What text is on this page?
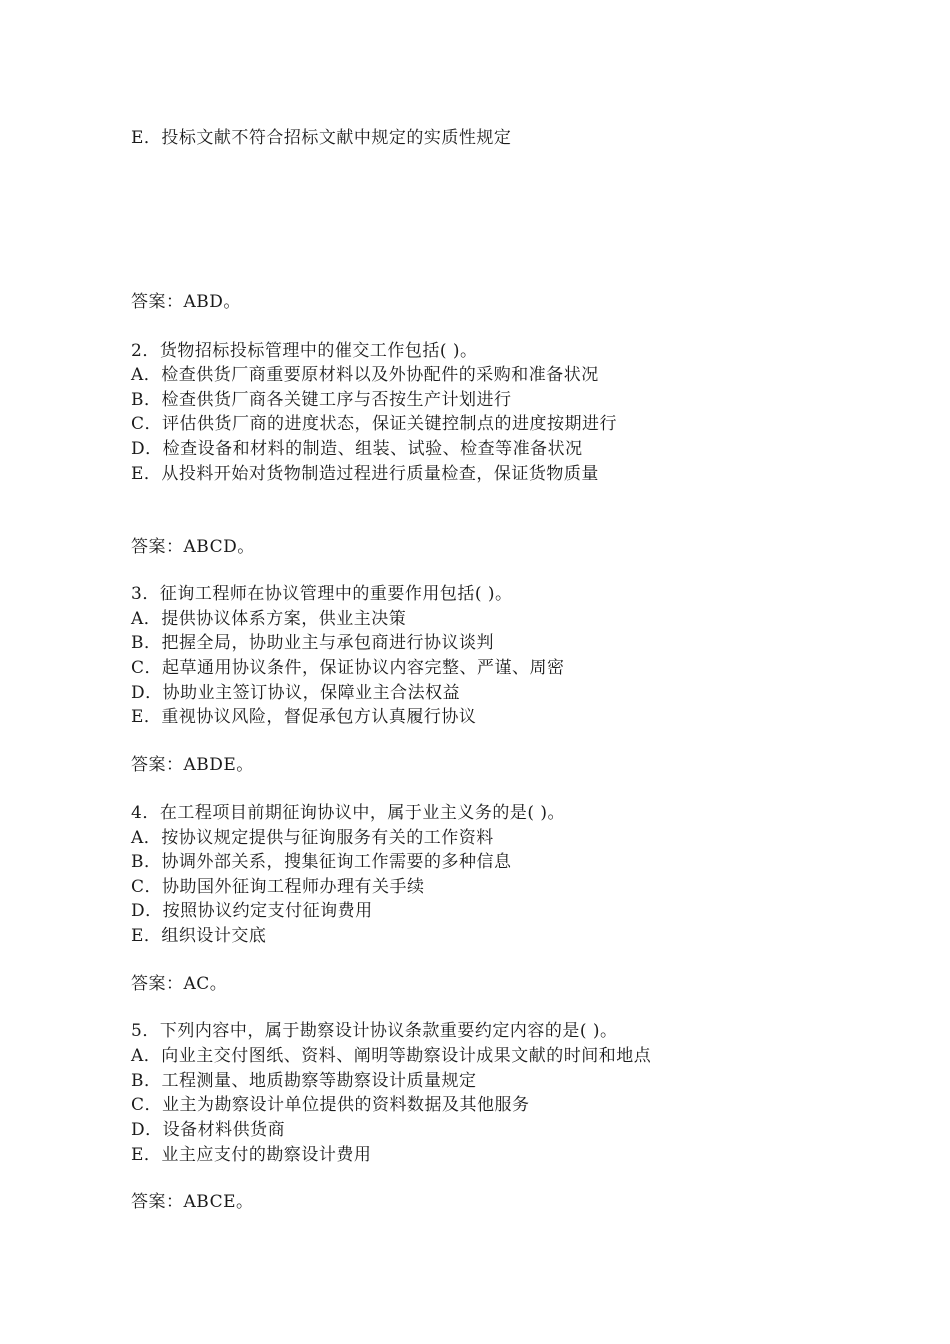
E．投标文献不符合招标文献中规定的实质性规定
答案：ABD。
2．货物招标投标管理中的催交工作包括( )。
A．检查供货厂商重要原材料以及外协配件的采购和准备状况
B．检查供货厂商各关键工序与否按生产计划进行
C．评估供货厂商的进度状态，保证关键控制点的进度按期进行
D．检查设备和材料的制造、组装、试验、检查等准备状况
E．从投料开始对货物制造过程进行质量检查，保证货物质量
答案：ABCD。
3．征询工程师在协议管理中的重要作用包括( )。
A．提供协议体系方案，供业主决策
B．把握全局，协助业主与承包商进行协议谈判
C．起草通用协议条件，保证协议内容完整、严谨、周密
D．协助业主签订协议，保障业主合法权益
E．重视协议风险，督促承包方认真履行协议
答案：ABDE。
4．在工程项目前期征询协议中，属于业主义务的是( )。
A．按协议规定提供与征询服务有关的工作资料
B．协调外部关系，搜集征询工作需要的多种信息
C．协助国外征询工程师办理有关手续
D．按照协议约定支付征询费用
E．组织设计交底
答案：AC。
5．下列内容中，属于勘察设计协议条款重要约定内容的是( )。
A．向业主交付图纸、资料、阐明等勘察设计成果文献的时间和地点
B．工程测量、地质勘察等勘察设计质量规定
C．业主为勘察设计单位提供的资料数据及其他服务
D．设备材料供货商
E．业主应支付的勘察设计费用
答案：ABCE。
